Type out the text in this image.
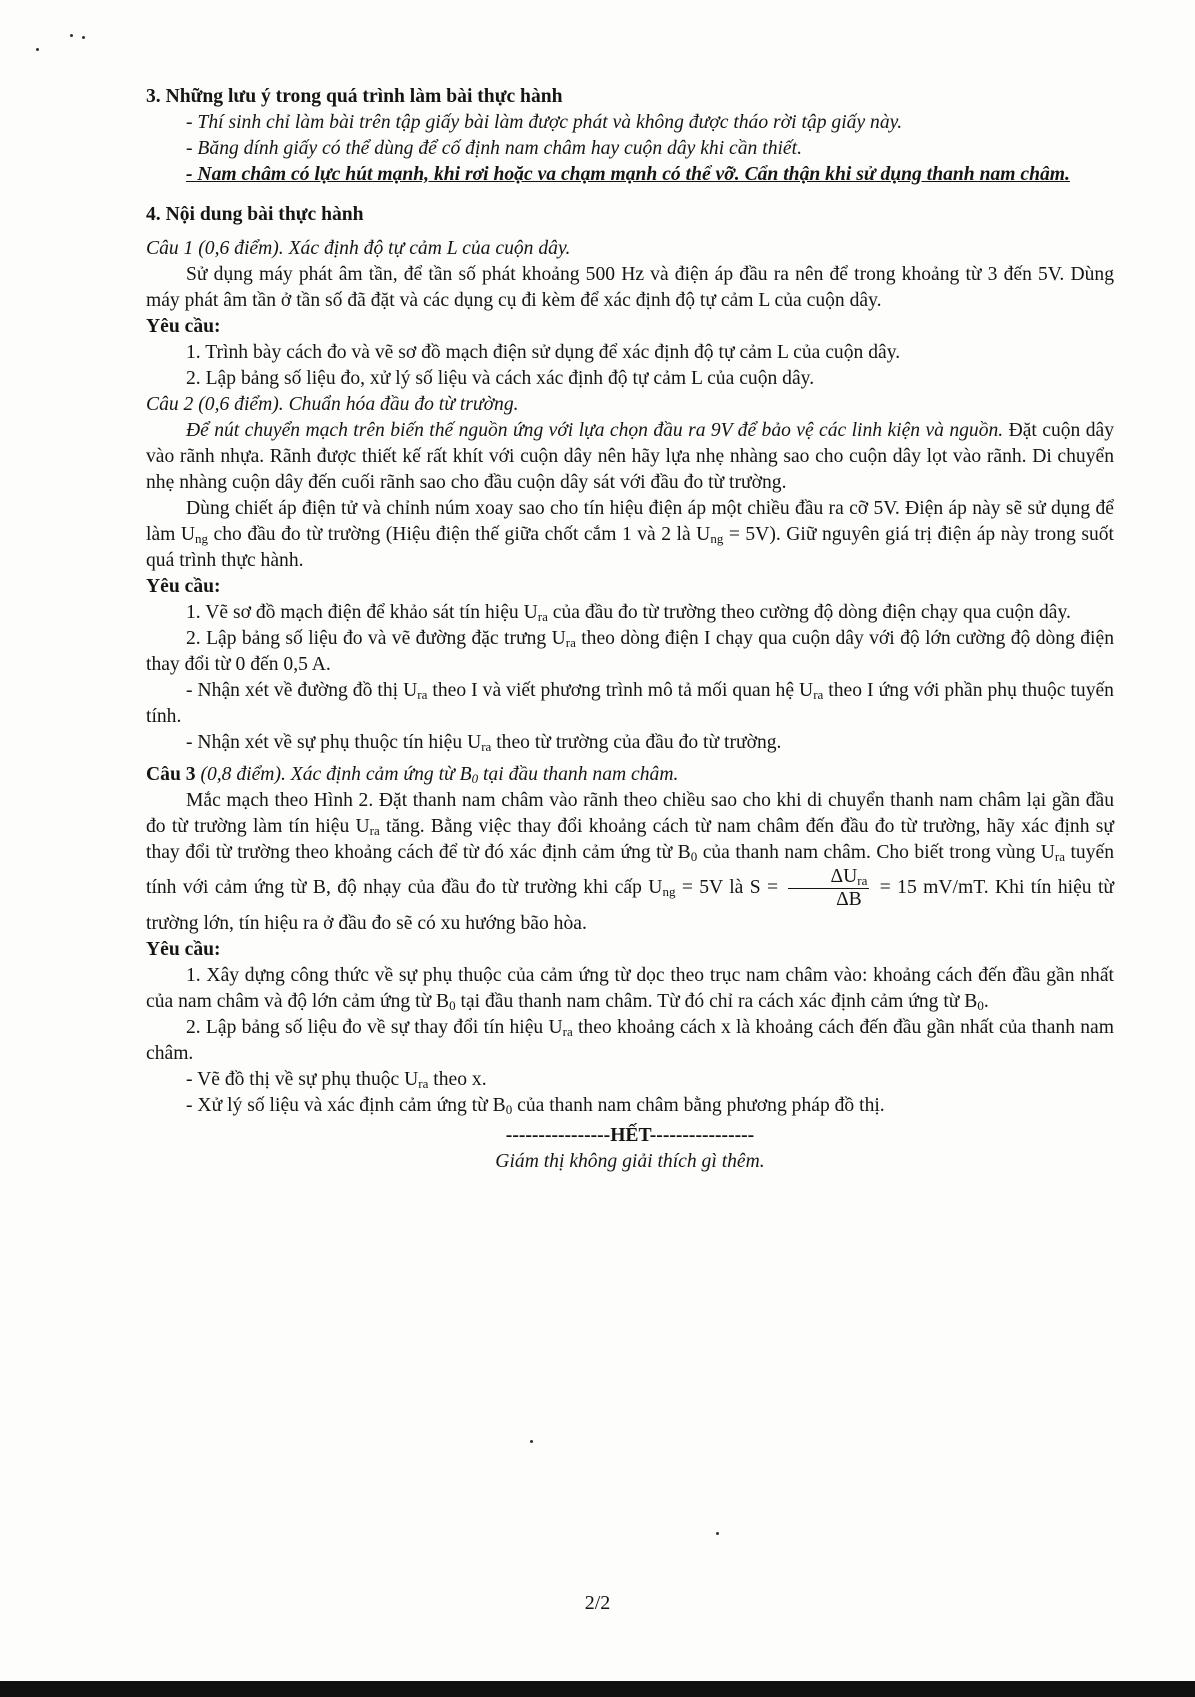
3. Những lưu ý trong quá trình làm bài thực hành

- Thí sinh chỉ làm bài trên tập giấy bài làm được phát và không được tháo rời tập giấy này.

- Băng dính giấy có thể dùng để cố định nam châm hay cuộn dây khi cần thiết.

- Nam châm có lực hút mạnh, khi rơi hoặc va chạm mạnh có thể vỡ. Cẩn thận khi sử dụng thanh nam châm.

4. Nội dung bài thực hành

Câu 1 (0,6 điểm). Xác định độ tự cảm L của cuộn dây.

Sử dụng máy phát âm tần, để tần số phát khoảng 500 Hz và điện áp đầu ra nên để trong khoảng từ 3 đến 5V. Dùng máy phát âm tần ở tần số đã đặt và các dụng cụ đi kèm để xác định độ tự cảm L của cuộn dây.

Yêu cầu:

1. Trình bày cách đo và vẽ sơ đồ mạch điện sử dụng để xác định độ tự cảm L của cuộn dây.

2. Lập bảng số liệu đo, xử lý số liệu và cách xác định độ tự cảm L của cuộn dây.

Câu 2 (0,6 điểm). Chuẩn hóa đầu đo từ trường.

Để nút chuyển mạch trên biến thế nguồn ứng với lựa chọn đầu ra 9V để bảo vệ các linh kiện và nguồn. Đặt cuộn dây vào rãnh nhựa. Rãnh được thiết kế rất khít với cuộn dây nên hãy lựa nhẹ nhàng sao cho cuộn dây lọt vào rãnh. Di chuyển nhẹ nhàng cuộn dây đến cuối rãnh sao cho đầu cuộn dây sát với đầu đo từ trường.

Dùng chiết áp điện tử và chỉnh núm xoay sao cho tín hiệu điện áp một chiều đầu ra cỡ 5V. Điện áp này sẽ sử dụng để làm $U_{ng}$ cho đầu đo từ trường (Hiệu điện thế giữa chốt cắm 1 và 2 là $U_{ng} = 5V$). Giữ nguyên giá trị điện áp này trong suốt quá trình thực hành.

Yêu cầu:

1. Vẽ sơ đồ mạch điện để khảo sát tín hiệu $U_{ra}$ của đầu đo từ trường theo cường độ dòng điện chạy qua cuộn dây.

2. Lập bảng số liệu đo và vẽ đường đặc trưng $U_{ra}$ theo dòng điện I chạy qua cuộn dây với độ lớn cường độ dòng điện thay đổi từ 0 đến 0,5 A.

- Nhận xét về đường đồ thị $U_{ra}$ theo I và viết phương trình mô tả mối quan hệ $U_{ra}$ theo I ứng với phần phụ thuộc tuyến tính.

- Nhận xét về sự phụ thuộc tín hiệu $U_{ra}$ theo từ trường của đầu đo từ trường.

Câu 3 (0,8 điểm). Xác định cảm ứng từ $B_0$ tại đầu thanh nam châm.

Mắc mạch theo Hình 2. Đặt thanh nam châm vào rãnh theo chiều sao cho khi di chuyển thanh nam châm lại gần đầu đo từ trường làm tín hiệu $U_{ra}$ tăng. Bằng việc thay đổi khoảng cách từ nam châm đến đầu đo từ trường, hãy xác định sự thay đổi từ trường theo khoảng cách để từ đó xác định cảm ứng từ $B_0$ của thanh nam châm. Cho biết trong vùng $U_{ra}$ tuyến tính với cảm ứng từ B, độ nhạy của đầu đo từ trường khi cấp $U_{ng} = 5V$ là $S = \frac{\Delta U_{ra}}{\Delta B} = 15$ mV/mT. Khi tín hiệu từ trường lớn, tín hiệu ra ở đầu đo sẽ có xu hướng bão hòa.

Yêu cầu:

1. Xây dựng công thức về sự phụ thuộc của cảm ứng từ dọc theo trục nam châm vào: khoảng cách đến đầu gần nhất của nam châm và độ lớn cảm ứng từ $B_0$ tại đầu thanh nam châm. Từ đó chỉ ra cách xác định cảm ứng từ $B_0$.

2. Lập bảng số liệu đo về sự thay đổi tín hiệu $U_{ra}$ theo khoảng cách x là khoảng cách đến đầu gần nhất của thanh nam châm.

- Vẽ đồ thị về sự phụ thuộc $U_{ra}$ theo x.

- Xử lý số liệu và xác định cảm ứng từ $B_0$ của thanh nam châm bằng phương pháp đồ thị.

----------------HẾT----------------

Giám thị không giải thích gì thêm.

2/2
